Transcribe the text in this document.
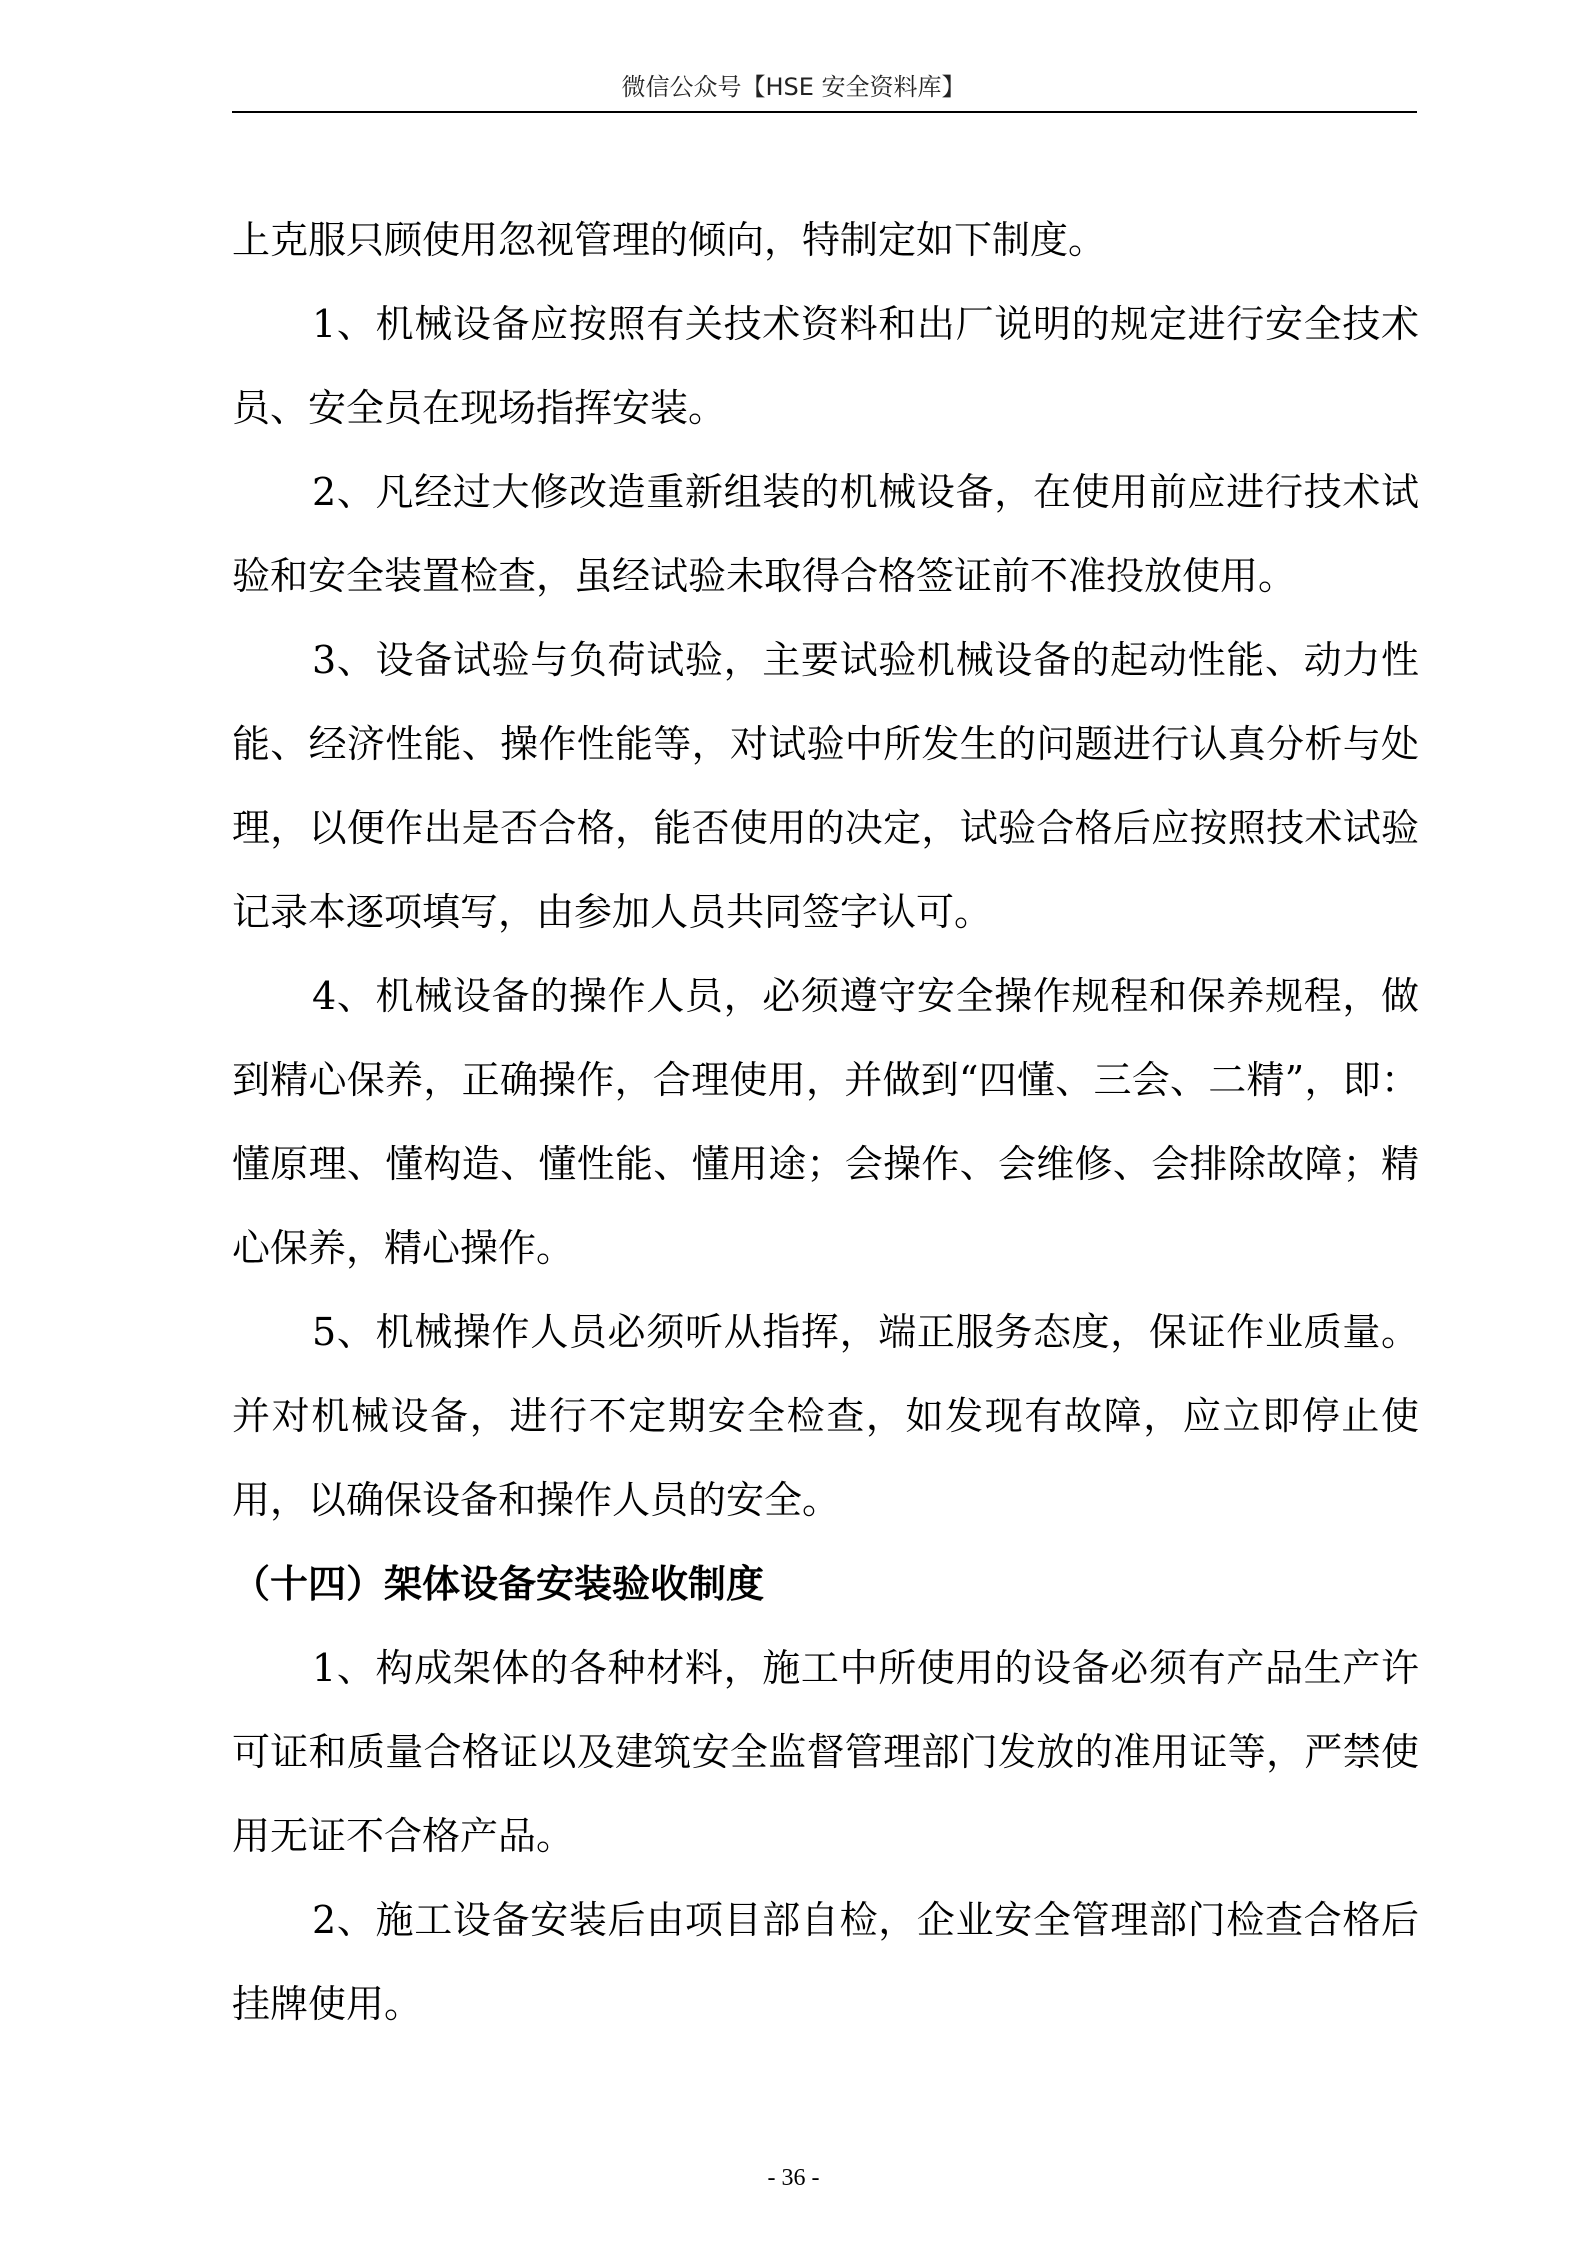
微信公众号【HSE 安全资料库】

上克服只顾使用忽视管理的倾向，特制定如下制度。

1、机械设备应按照有关技术资料和出厂说明的规定进行安全技术员、安全员在现场指挥安装。

2、凡经过大修改造重新组装的机械设备，在使用前应进行技术试验和安全装置检查，虽经试验未取得合格签证前不准投放使用。

3、设备试验与负荷试验，主要试验机械设备的起动性能、动力性能、经济性能、操作性能等，对试验中所发生的问题进行认真分析与处理，以便作出是否合格，能否使用的决定，试验合格后应按照技术试验记录本逐项填写，由参加人员共同签字认可。

4、机械设备的操作人员，必须遵守安全操作规程和保养规程，做到精心保养，正确操作，合理使用，并做到“四懂、三会、二精”，即：懂原理、懂构造、懂性能、懂用途；会操作、会维修、会排除故障；精心保养，精心操作。

5、机械操作人员必须听从指挥，端正服务态度，保证作业质量。并对机械设备，进行不定期安全检查，如发现有故障，应立即停止使用，以确保设备和操作人员的安全。

（十四）架体设备安装验收制度

1、构成架体的各种材料，施工中所使用的设备必须有产品生产许可证和质量合格证以及建筑安全监督管理部门发放的准用证等，严禁使用无证不合格产品。

2、施工设备安装后由项目部自检，企业安全管理部门检查合格后挂牌使用。

- 36 -
